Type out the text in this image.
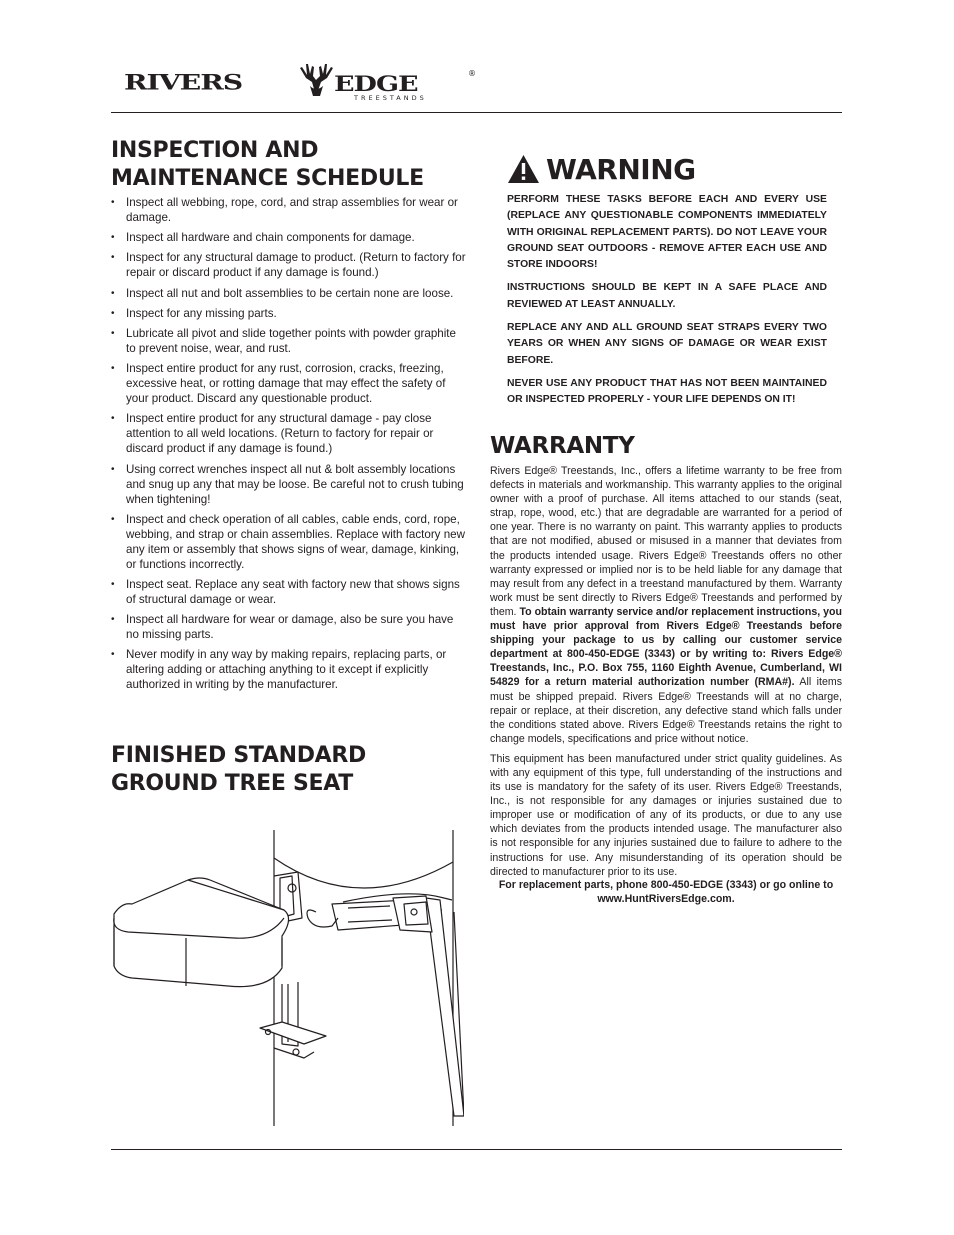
RIVERS	EDGE	®
TREESTANDS
INSPECTION AND MAINTENANCE SCHEDULE
• Inspect all webbing, rope, cord, and strap assemblies for wear or damage.
• Inspect all hardware and chain components for damage.
• Inspect for any structural damage to product. (Return to factory for repair or discard product if any damage is found.)
• Inspect all nut and bolt assemblies to be certain none are loose.
• Inspect for any missing parts.
• Lubricate all pivot and slide together points with powder graphite to prevent noise, wear, and rust.
• Inspect entire product for any rust, corrosion, cracks, freezing, excessive heat, or rotting damage that may effect the safety of your product. Discard any questionable product.
• Inspect entire product for any structural damage - pay close attention to all weld locations. (Return to factory for repair or discard product if any damage is found.)
• Using correct wrenches inspect all nut & bolt assembly locations and snug up any that may be loose. Be careful not to crush tubing when tightening!
• Inspect and check operation of all cables, cable ends, cord, rope, webbing, and strap or chain assemblies. Replace with factory new any item or assembly that shows signs of wear, damage, kinking, or functions incorrectly.
• Inspect seat. Replace any seat with factory new that shows signs of structural damage or wear.
• Inspect all hardware for wear or damage, also be sure you have no missing parts.
• Never modify in any way by making repairs, replacing parts, or altering adding or attaching anything to it except if explicitly authorized in writing by the manufacturer.
WARNING

PERFORM THESE TASKS BEFORE EACH AND EVERY USE (REPLACE ANY QUESTIONABLE COMPONENTS IMMEDIATELY WITH ORIGINAL REPLACEMENT PARTS). DO NOT LEAVE YOUR GROUND SEAT OUTDOORS - REMOVE AFTER EACH USE AND STORE INDOORS!

INSTRUCTIONS SHOULD BE KEPT IN A SAFE PLACE AND REVIEWED AT LEAST ANNUALLY.

REPLACE ANY AND ALL GROUND SEAT STRAPS EVERY TWO YEARS OR WHEN ANY SIGNS OF DAMAGE OR WEAR EXIST BEFORE.

NEVER USE ANY PRODUCT THAT HAS NOT BEEN MAINTAINED OR INSPECTED PROPERLY - YOUR LIFE DEPENDS ON IT!

WARRANTY

Rivers Edge® Treestands, Inc., offers a lifetime warranty to be free from defects in materials and workmanship. This warranty applies to the original owner with a proof of purchase. All items attached to our stands (seat, strap, rope, wood, etc.) that are degradable are warranted for a period of one year. There is no warranty on paint. This warranty applies to products that are not modified, abused or misused in a manner that deviates from the products intended usage. Rivers Edge® Treestands offers no other warranty expressed or implied nor is to be held liable for any damage that may result from any defect in a treestand manufactured by them. Warranty work must be sent directly to Rivers Edge® Treestands and performed by them. To obtain warranty service and/or replacement instructions, you must have prior approval from Rivers Edge® Treestands before shipping your package to us by calling our customer service department at 800-450-EDGE (3343) or by writing to: Rivers Edge® Treestands, Inc., P.O. Box 755, 1160 Eighth Avenue, Cumberland, WI 54829 for a return material authorization number (RMA#). All items must be shipped prepaid. Rivers Edge® Treestands will at no charge, repair or replace, at their discretion, any defective stand which falls under the conditions stated above. Rivers Edge® Treestands retains the right to change models, specifications and price without notice.

This equipment has been manufactured under strict quality guidelines. As with any equipment of this type, full understanding of the instructions and its use is mandatory for the safety of its user. Rivers Edge® Treestands, Inc., is not responsible for any damages or injuries sustained due to improper use or modification of any of its products, or due to any use which deviates from the products intended usage. The manufacturer also is not responsible for any injuries sustained due to failure to adhere to the instructions for use. Any misunderstanding of its operation should be directed to manufacturer prior to its use.

For replacement parts, phone 800-450-EDGE (3343) or go online to
www.HuntRiversEdge.com.
FINISHED STANDARD GROUND TREE SEAT
